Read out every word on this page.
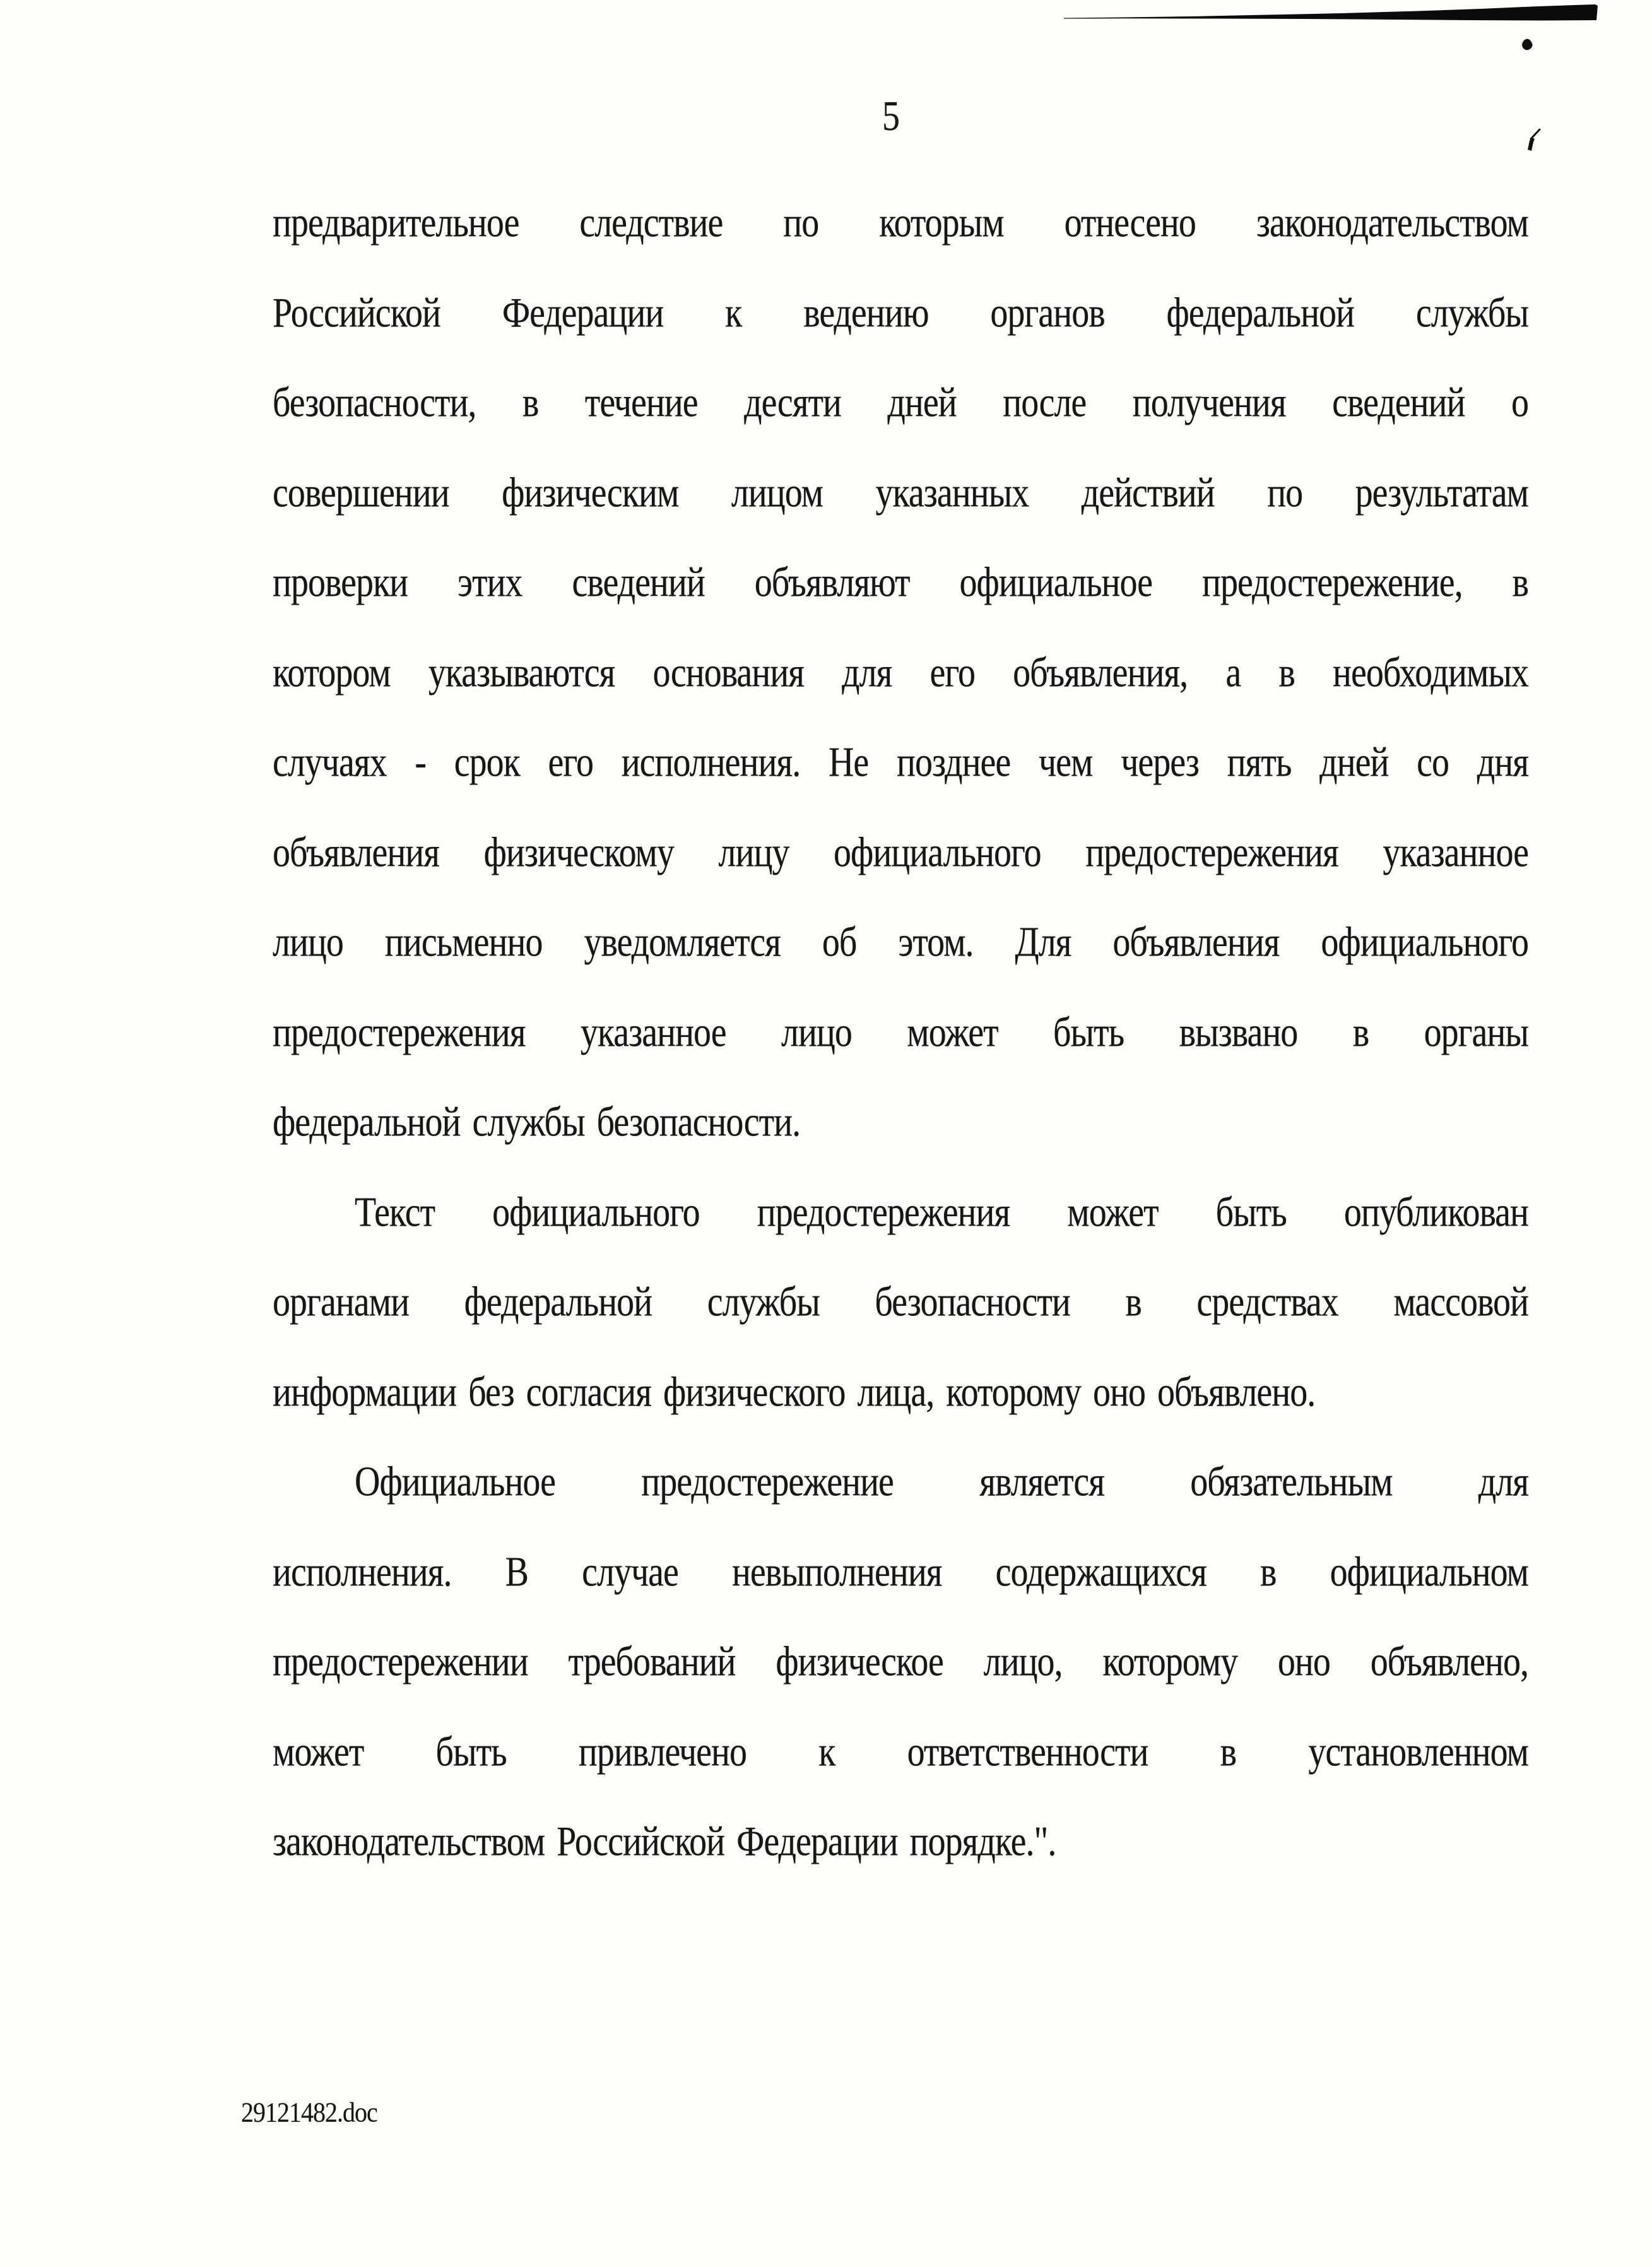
5
предварительное следствие по которым отнесено законодательством
Российской Федерации к ведению органов федеральной службы
безопасности, в течение десяти дней после получения сведений о
совершении физическим лицом указанных действий по результатам
проверки этих сведений объявляют официальное предостережение, в
котором указываются основания для его объявления, а в необходимых
случаях - срок его исполнения. Не позднее чем через пять дней со дня
объявления физическому лицу официального предостережения указанное
лицо письменно уведомляется об этом. Для объявления официального
предостережения указанное лицо может быть вызвано в органы
федеральной службы безопасности.
Текст официального предостережения может быть опубликован
органами федеральной службы безопасности в средствах массовой
информации без согласия физического лица, которому оно объявлено.
Официальное предостережение является обязательным для
исполнения. В случае невыполнения содержащихся в официальном
предостережении требований физическое лицо, которому оно объявлено,
может быть привлечено к ответственности в установленном
законодательством Российской Федерации порядке.".
29121482.doc
